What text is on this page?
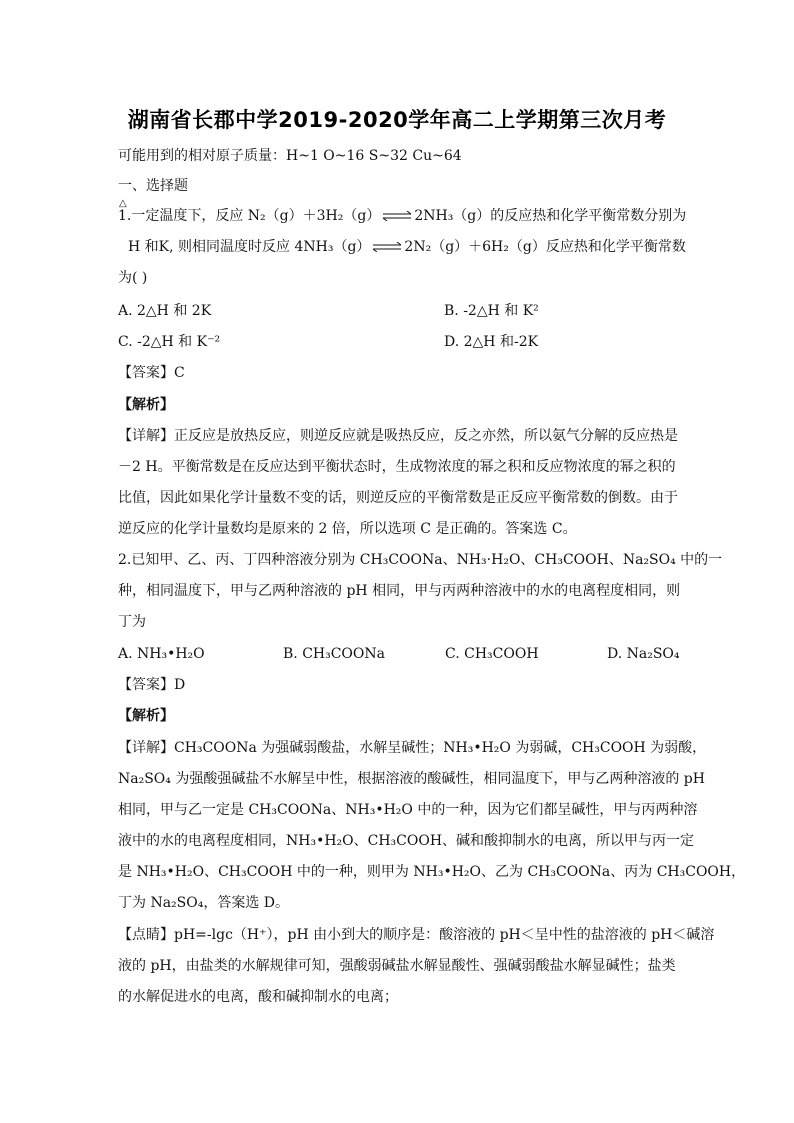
湖南省长郡中学2019-2020学年高二上学期第三次月考
可能用到的相对原子质量：H~1 O~16 S~32 Cu~64
一、选择题
△
1.一定温度下，反应 N₂（g）＋3H₂（g） ⇌ 2NH₃（g）的反应热和化学平衡常数分别为
H 和K, 则相同温度时反应 4NH₃（g） ⇌ 2N₂（g）＋6H₂（g）反应热和化学平衡常数
为( )
A. 2△H 和 2K	B. -2△H 和 K²
C. -2△H 和 K⁻²	D. 2△H 和-2K
【答案】C
【解析】
【详解】正反应是放热反应，则逆反应就是吸热反应，反之亦然，所以氨气分解的反应热是
－2 H。平衡常数是在反应达到平衡状态时，生成物浓度的幂之积和反应物浓度的幂之积的
比值，因此如果化学计量数不变的话，则逆反应的平衡常数是正反应平衡常数的倒数。由于
逆反应的化学计量数均是原来的 2 倍，所以选项 C 是正确的。答案选 C。
2.已知甲、乙、丙、丁四种溶液分别为 CH₃COONa、NH₃·H₂O、CH₃COOH、Na₂SO₄ 中的一
种，相同温度下，甲与乙两种溶液的 pH 相同，甲与丙两种溶液中的水的电离程度相同，则
丁为
A. NH₃•H₂O	B. CH₃COONa	C. CH₃COOH	D. Na₂SO₄
【答案】D
【解析】
【详解】CH₃COONa 为强碱弱酸盐，水解呈碱性；NH₃•H₂O 为弱碱，CH₃COOH 为弱酸，
Na₂SO₄ 为强酸强碱盐不水解呈中性，根据溶液的酸碱性，相同温度下，甲与乙两种溶液的 pH
相同，甲与乙一定是 CH₃COONa、NH₃•H₂O 中的一种，因为它们都呈碱性，甲与丙两种溶
液中的水的电离程度相同，NH₃•H₂O、CH₃COOH、碱和酸抑制水的电离，所以甲与丙一定
是 NH₃•H₂O、CH₃COOH 中的一种，则甲为 NH₃•H₂O、乙为 CH₃COONa、丙为 CH₃COOH，
丁为 Na₂SO₄，答案选 D。
【点睛】pH=-lgc（H⁺），pH 由小到大的顺序是：酸溶液的 pH＜呈中性的盐溶液的 pH＜碱溶
液的 pH，由盐类的水解规律可知，强酸弱碱盐水解显酸性、强碱弱酸盐水解显碱性；盐类
的水解促进水的电离，酸和碱抑制水的电离；
